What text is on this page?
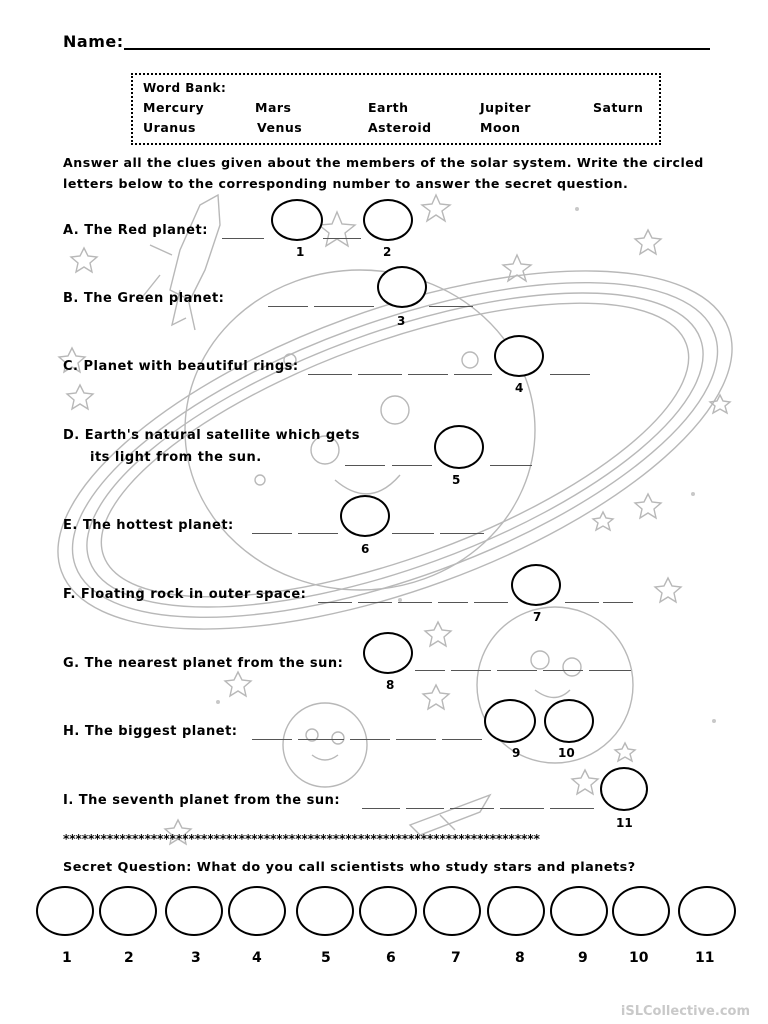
Name:
Word Bank:
Mercury	Mars	Earth	Jupiter	Saturn
Uranus	Venus	Asteroid	Moon
Answer all the clues given about the members of the solar system. Write the circled
letters below to the corresponding number to answer the secret question.
A. The Red planet:
1	2
B. The Green planet:
3
C. Planet with beautiful rings:
4
D. Earth's natural satellite which gets
its light from the sun.
5
E. The hottest planet:
6
F. Floating rock in outer space:
7
G. The nearest planet from the sun:
8
H. The biggest planet:
9	10
I. The seventh planet from the sun:
11
****************************************************************************
Secret Question: What do you call scientists who study stars and planets?
1	2	3	4	5	6	7	8	9	10	11
iSLCollective.com
